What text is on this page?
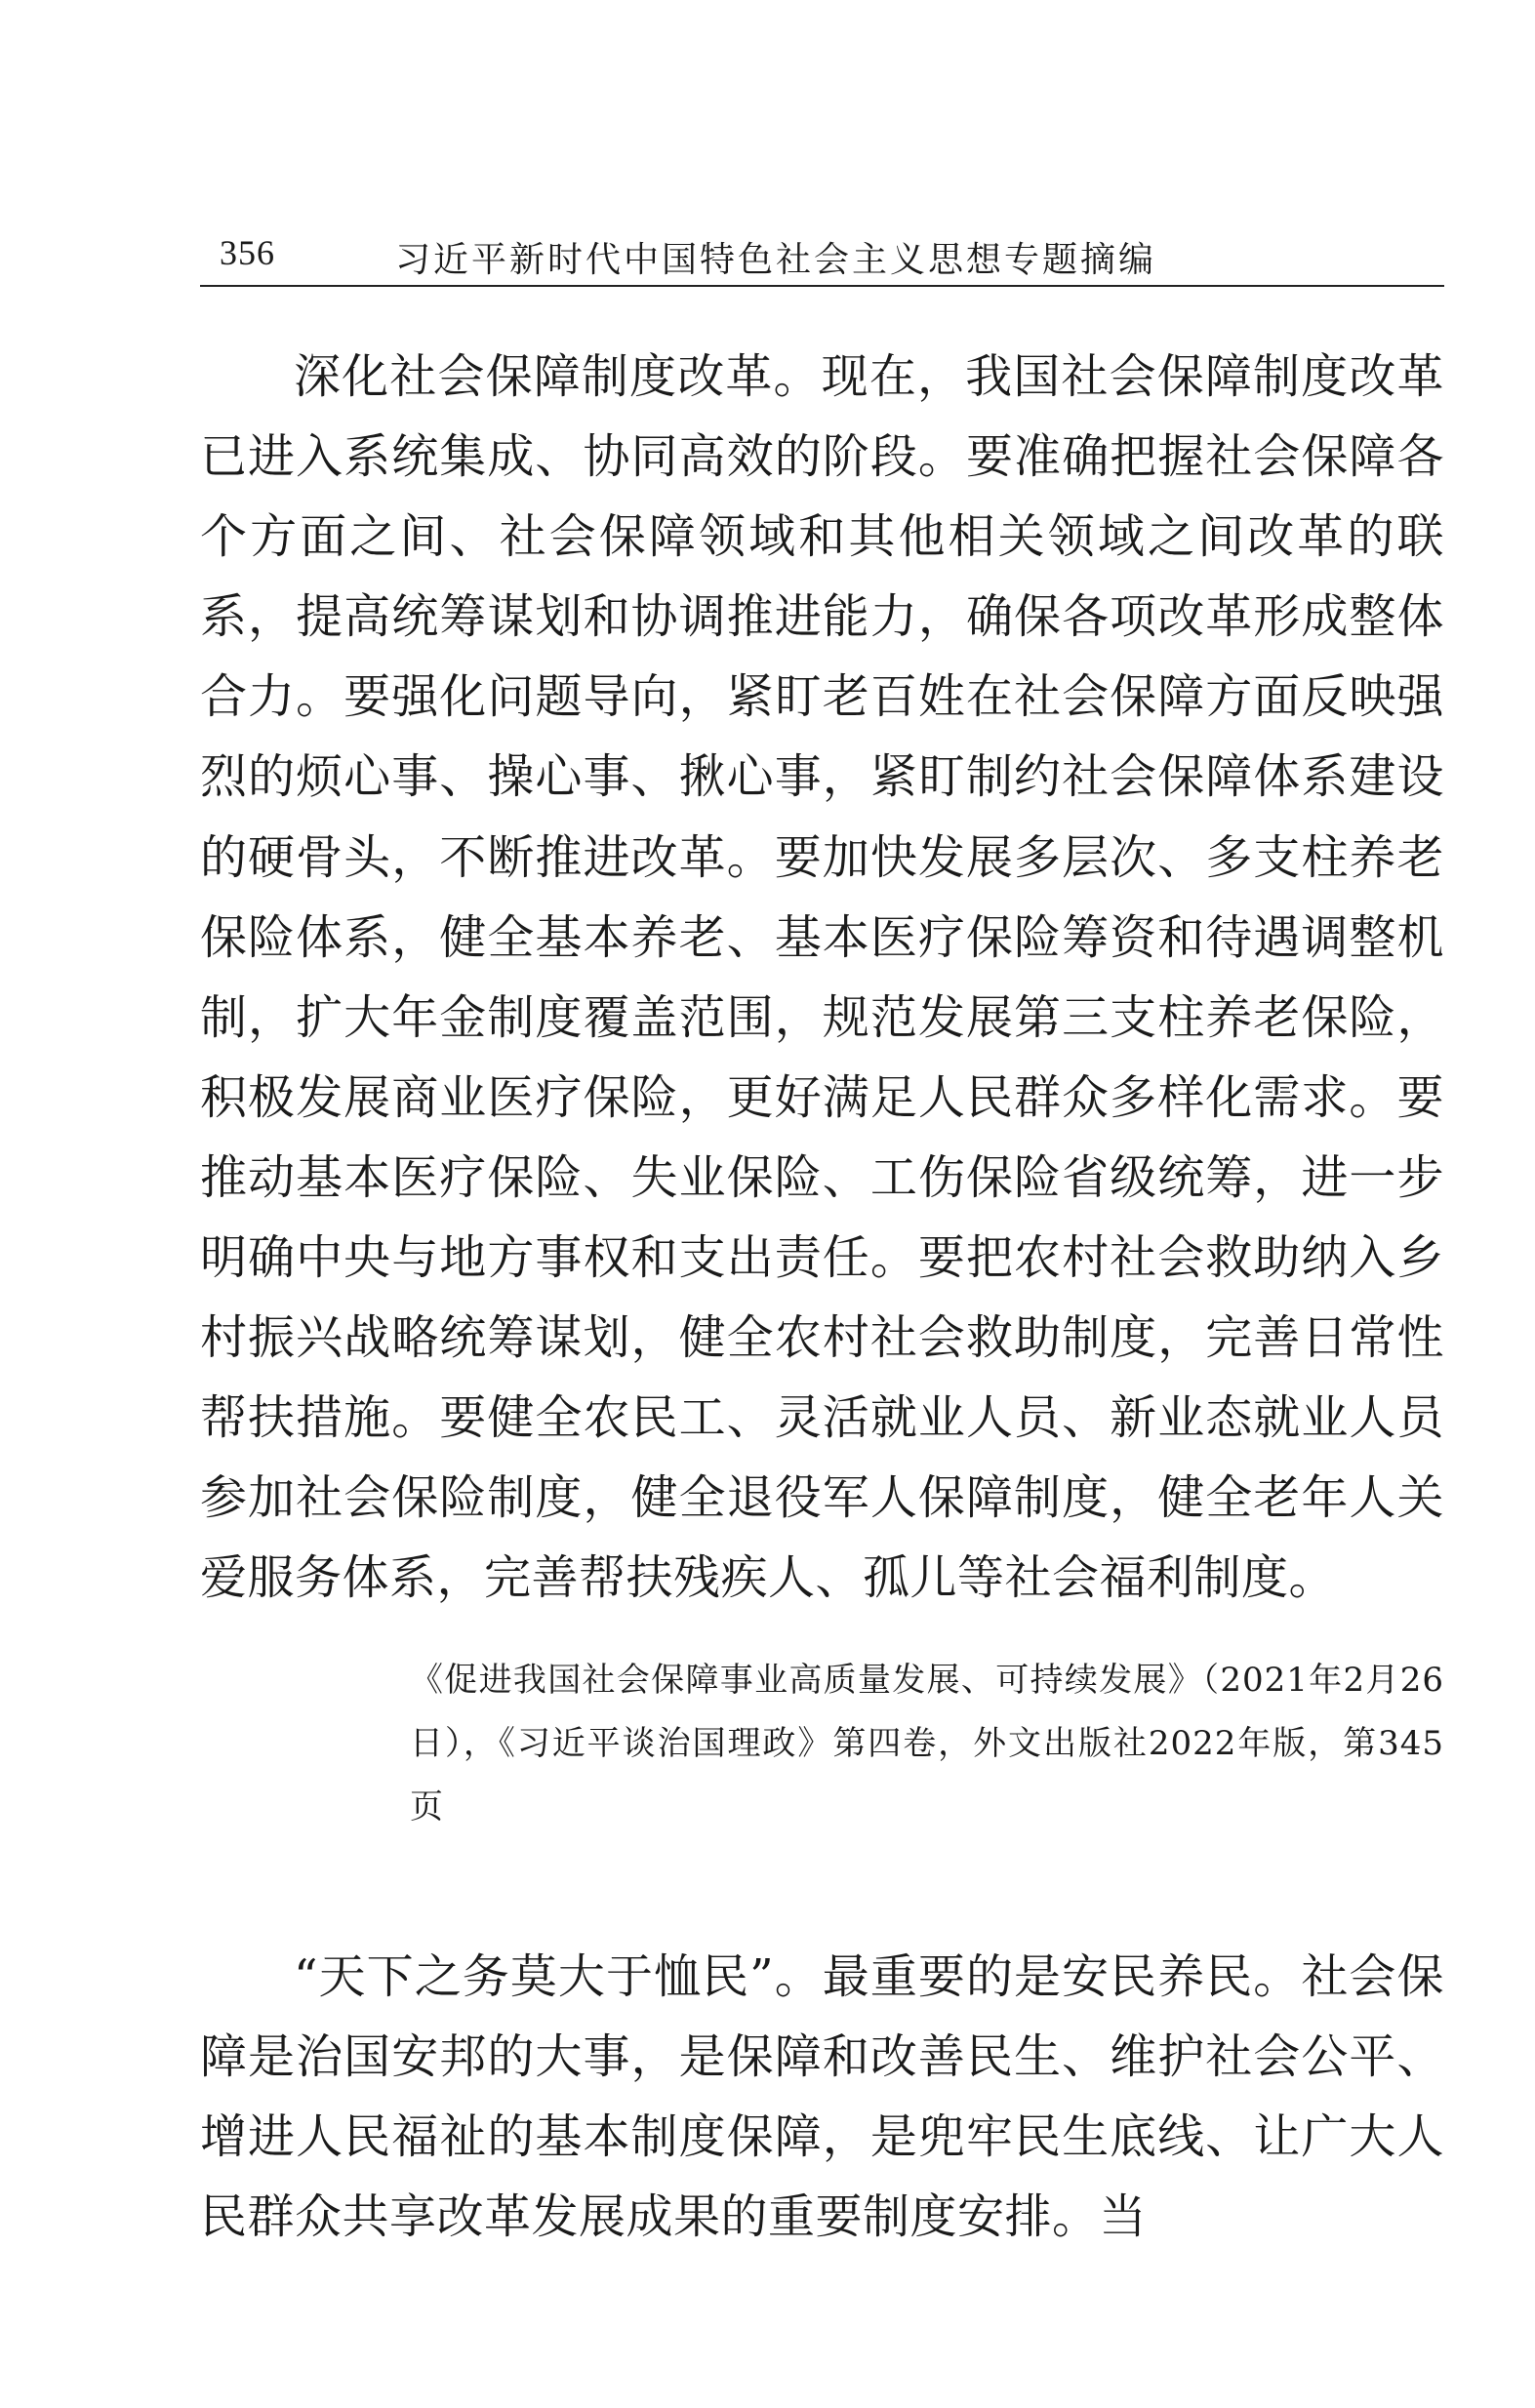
356	习近平新时代中国特色社会主义思想专题摘编

深化社会保障制度改革。现在，我国社会保障制度改革已进入系统集成、协同高效的阶段。要准确把握社会保障各个方面之间、社会保障领域和其他相关领域之间改革的联系，提高统筹谋划和协调推进能力，确保各项改革形成整体合力。要强化问题导向，紧盯老百姓在社会保障方面反映强烈的烦心事、操心事、揪心事，紧盯制约社会保障体系建设的硬骨头，不断推进改革。要加快发展多层次、多支柱养老保险体系，健全基本养老、基本医疗保险筹资和待遇调整机制，扩大年金制度覆盖范围，规范发展第三支柱养老保险，积极发展商业医疗保险，更好满足人民群众多样化需求。要推动基本医疗保险、失业保险、工伤保险省级统筹，进一步明确中央与地方事权和支出责任。要把农村社会救助纳入乡村振兴战略统筹谋划，健全农村社会救助制度，完善日常性帮扶措施。要健全农民工、灵活就业人员、新业态就业人员参加社会保险制度，健全退役军人保障制度，健全老年人关爱服务体系，完善帮扶残疾人、孤儿等社会福利制度。

《促进我国社会保障事业高质量发展、可持续发展》（2021年2月26日），《习近平谈治国理政》第四卷，外文出版社2022年版，第345页

“天下之务莫大于恤民”。最重要的是安民养民。社会保障是治国安邦的大事，是保障和改善民生、维护社会公平、增进人民福祉的基本制度保障，是兜牢民生底线、让广大人民群众共享改革发展成果的重要制度安排。当
